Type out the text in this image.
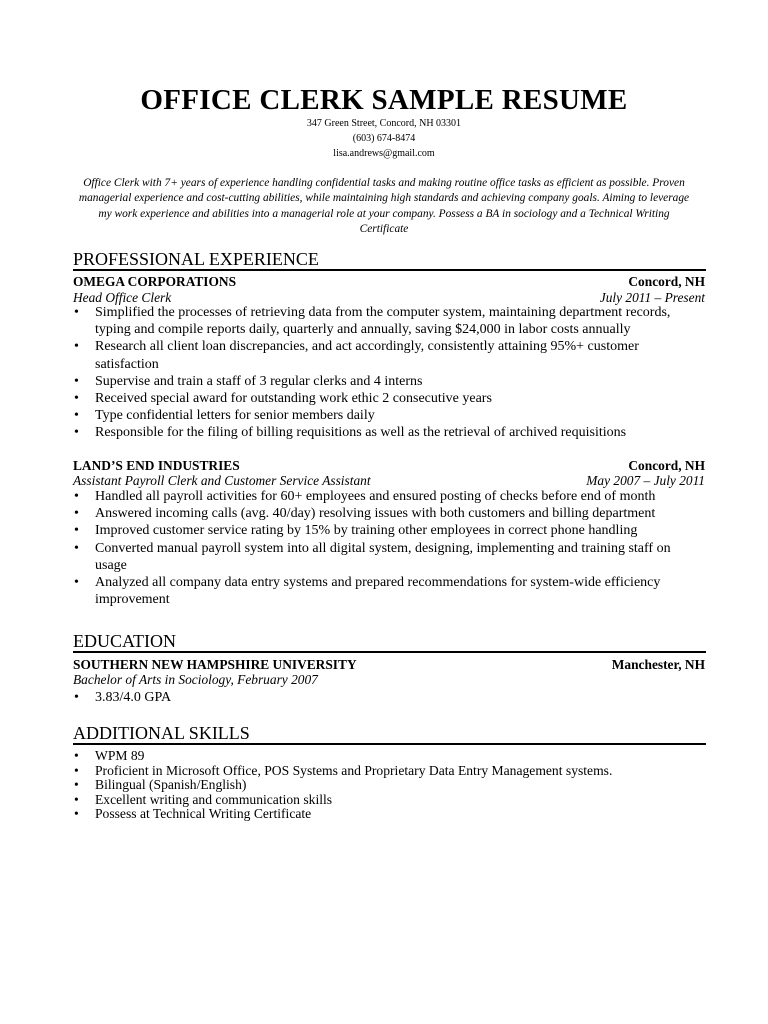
OFFICE CLERK SAMPLE RESUME
347 Green Street, Concord, NH 03301
(603) 674-8474
lisa.andrews@gmail.com
Office Clerk with 7+ years of experience handling confidential tasks and making routine office tasks as efficient as possible. Proven managerial experience and cost-cutting abilities, while maintaining high standards and achieving company goals. Aiming to leverage my work experience and abilities into a managerial role at your company. Possess a BA in sociology and a Technical Writing Certificate
PROFESSIONAL EXPERIENCE
OMEGA CORPORATIONS	Concord, NH
Head Office Clerk	July 2011 – Present
• Simplified the processes of retrieving data from the computer system, maintaining department records, typing and compile reports daily, quarterly and annually, saving $24,000 in labor costs annually
• Research all client loan discrepancies, and act accordingly, consistently attaining 95%+ customer satisfaction
• Supervise and train a staff of 3 regular clerks and 4 interns
• Received special award for outstanding work ethic 2 consecutive years
• Type confidential letters for senior members daily
• Responsible for the filing of billing requisitions as well as the retrieval of archived requisitions
LAND’S END INDUSTRIES	Concord, NH
Assistant Payroll Clerk and Customer Service Assistant	May 2007 – July 2011
• Handled all payroll activities for 60+ employees and ensured posting of checks before end of month
• Answered incoming calls (avg. 40/day) resolving issues with both customers and billing department
• Improved customer service rating by 15% by training other employees in correct phone handling
• Converted manual payroll system into all digital system, designing, implementing and training staff on usage
• Analyzed all company data entry systems and prepared recommendations for system-wide efficiency improvement
EDUCATION
SOUTHERN NEW HAMPSHIRE UNIVERSITY	Manchester, NH
Bachelor of Arts in Sociology, February 2007
• 3.83/4.0 GPA
ADDITIONAL SKILLS
• WPM 89
• Proficient in Microsoft Office, POS Systems and Proprietary Data Entry Management systems.
• Bilingual (Spanish/English)
• Excellent writing and communication skills
• Possess at Technical Writing Certificate
